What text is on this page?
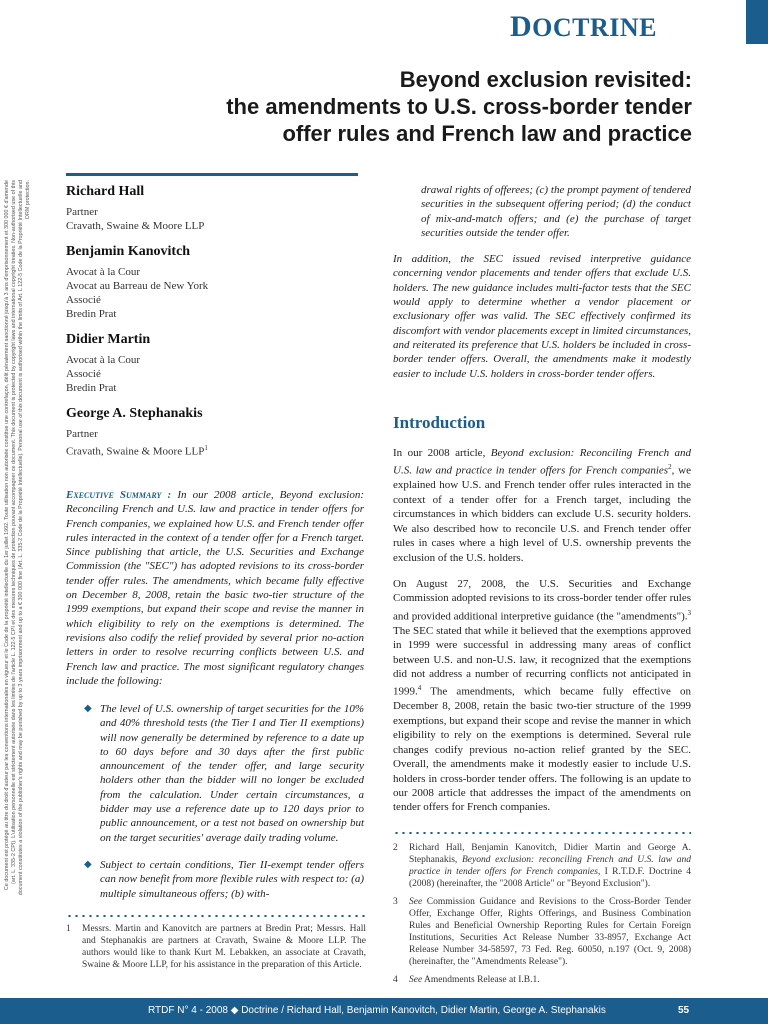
DOCTRINE
Beyond exclusion revisited:
the amendments to U.S. cross-border tender
offer rules and French law and practice

Ce document est protégé au titre du droit d'auteur par les conventions internationales en vigueur et le Code de la propriété intellectuelle du 1er juillet 1992. Toute utilisation non autorisée constitue une contrefaçon, délit pénalement sanctionné jusqu'à 3 ans d'emprisonnement et 300 000 € d'amende (art. L. 335-2 CPI). L'utilisation personnelle est strictement autorisée dans les limites de l'article L. 122-5 CPI et des mesures techniques de protection pouvant accompagner ce document. This document is protected by copyright laws and international copyright treaties. Non-authorised use of this document constitutes a violation of the publisher's rights and may be punished by up to 3 years imprisonment and up to a € 300 000 fine (Art. L. 335-2 Code de la Propriété Intellectuelle). Personal use of this document is authorised within the limits of Art. L 122-5 Code de la Propriété Intellectuelle and DRM protection.	Richard Hall
Partner
Cravath, Swaine & Moore LLP
Benjamin Kanovitch
Avocat à la Cour
Avocat au Barreau de New York
Associé
Bredin Prat
Didier Martin
Avocat à la Cour
Associé
Bredin Prat
George A. Stephanakis
Partner
Cravath, Swaine & Moore LLP$^1$
Executive Summary : In our 2008 article, Beyond exclusion: Reconciling French and U.S. law and practice in tender offers for French companies, we explained how U.S. and French tender offer rules interacted in the context of a tender offer for a French target. Since publishing that article, the U.S. Securities and Exchange Commission (the "SEC") has adopted revisions to its cross-border tender offer rules. The amendments, which became fully effective on December 8, 2008, retain the basic two-tier structure of the 1999 exemptions, but expand their scope and revise the manner in which eligibility to rely on the exemptions is determined. The revisions also codify the relief provided by several prior no-action letters in order to resolve recurring conflicts between U.S. and French law and practice. The most significant regulatory changes include the following:
◆ The level of U.S. ownership of target securities for the 10% and 40% threshold tests (the Tier I and Tier II exemptions) will now generally be determined by reference to a date up to 60 days before and 30 days after the first public announcement of the tender offer, and large security holders other than the bidder will no longer be excluded from the calculation. Under certain circumstances, a bidder may use a reference date up to 120 days prior to public announcement, or a test not based on ownership but on the target securities' average daily trading volume.
◆ Subject to certain conditions, Tier II-exempt tender offers can now benefit from more flexible rules with respect to: (a) multiple simultaneous offers; (b) with-
1	Messrs. Martin and Kanovitch are partners at Bredin Prat; Messrs. Hall and Stephanakis are partners at Cravath, Swaine & Moore LLP. The authors would like to thank Kurt M. Lebakken, an associate at Cravath, Swaine & Moore LLP, for his assistance in the preparation of this Article.
drawal rights of offerees; (c) the prompt payment of tendered securities in the subsequent offering period; (d) the conduct of mix-and-match offers; and (e) the purchase of target securities outside the tender offer.
In addition, the SEC issued revised interpretive guidance concerning vendor placements and tender offers that exclude U.S. holders. The new guidance includes multi-factor tests that the SEC would apply to determine whether a vendor placement or exclusionary offer was valid. The SEC effectively confirmed its discomfort with vendor placements except in limited circumstances, and reiterated its preference that U.S. holders be included in cross-border tender offers. Overall, the amendments make it modestly easier to include U.S. holders in cross-border tender offers.
Introduction

In our 2008 article, Beyond exclusion: Reconciling French and U.S. law and practice in tender offers for French companies$^2$, we explained how U.S. and French tender offer rules interacted in the context of a tender offer for a French target, including the circumstances in which bidders can exclude U.S. security holders. We also described how to reconcile U.S. and French tender offer rules in cases where a high level of U.S. ownership prevents the exclusion of the U.S. holders.

On August 27, 2008, the U.S. Securities and Exchange Commission adopted revisions to its cross-border tender offer rules and provided additional interpretive guidance (the "amendments").$^3$ The SEC stated that while it believed that the exemptions approved in 1999 were successful in addressing many areas of conflict between U.S. and non-U.S. law, it recognized that the exemptions did not address a number of recurring conflicts not anticipated in 1999.$^4$ The amendments, which became fully effective on December 8, 2008, retain the basic two-tier structure of the 1999 exemptions, but expand their scope and revise the manner in which eligibility to rely on the exemptions is determined. Several rule changes codify previous no-action relief granted by the SEC. Overall, the amendments make it modestly easier to include U.S. holders in cross-border tender offers. The following is an update to our 2008 article that addresses the impact of the amendments on tender offers for French companies.

2	Richard Hall, Benjamin Kanovitch, Didier Martin and George A. Stephanakis, Beyond exclusion: reconciling French and U.S. law and practice in tender offers for French companies, I R.T.D.F. Doctrine 4 (2008) (hereinafter, the "2008 Article" or "Beyond Exclusion").
3	See Commission Guidance and Revisions to the Cross-Border Tender Offer, Exchange Offer, Rights Offerings, and Business Combination Rules and Beneficial Ownership Reporting Rules for Certain Foreign Institutions, Securities Act Release Number 33-8957, Exchange Act Release Number 34-58597, 73 Fed. Reg. 60050, n.197 (Oct. 9, 2008) (hereinafter, the "Amendments Release").
4	See Amendments Release at I.B.1.
RTDF N° 4 - 2008 ◆ Doctrine / Richard Hall, Benjamin Kanovitch, Didier Martin, George A. Stephanakis	55
